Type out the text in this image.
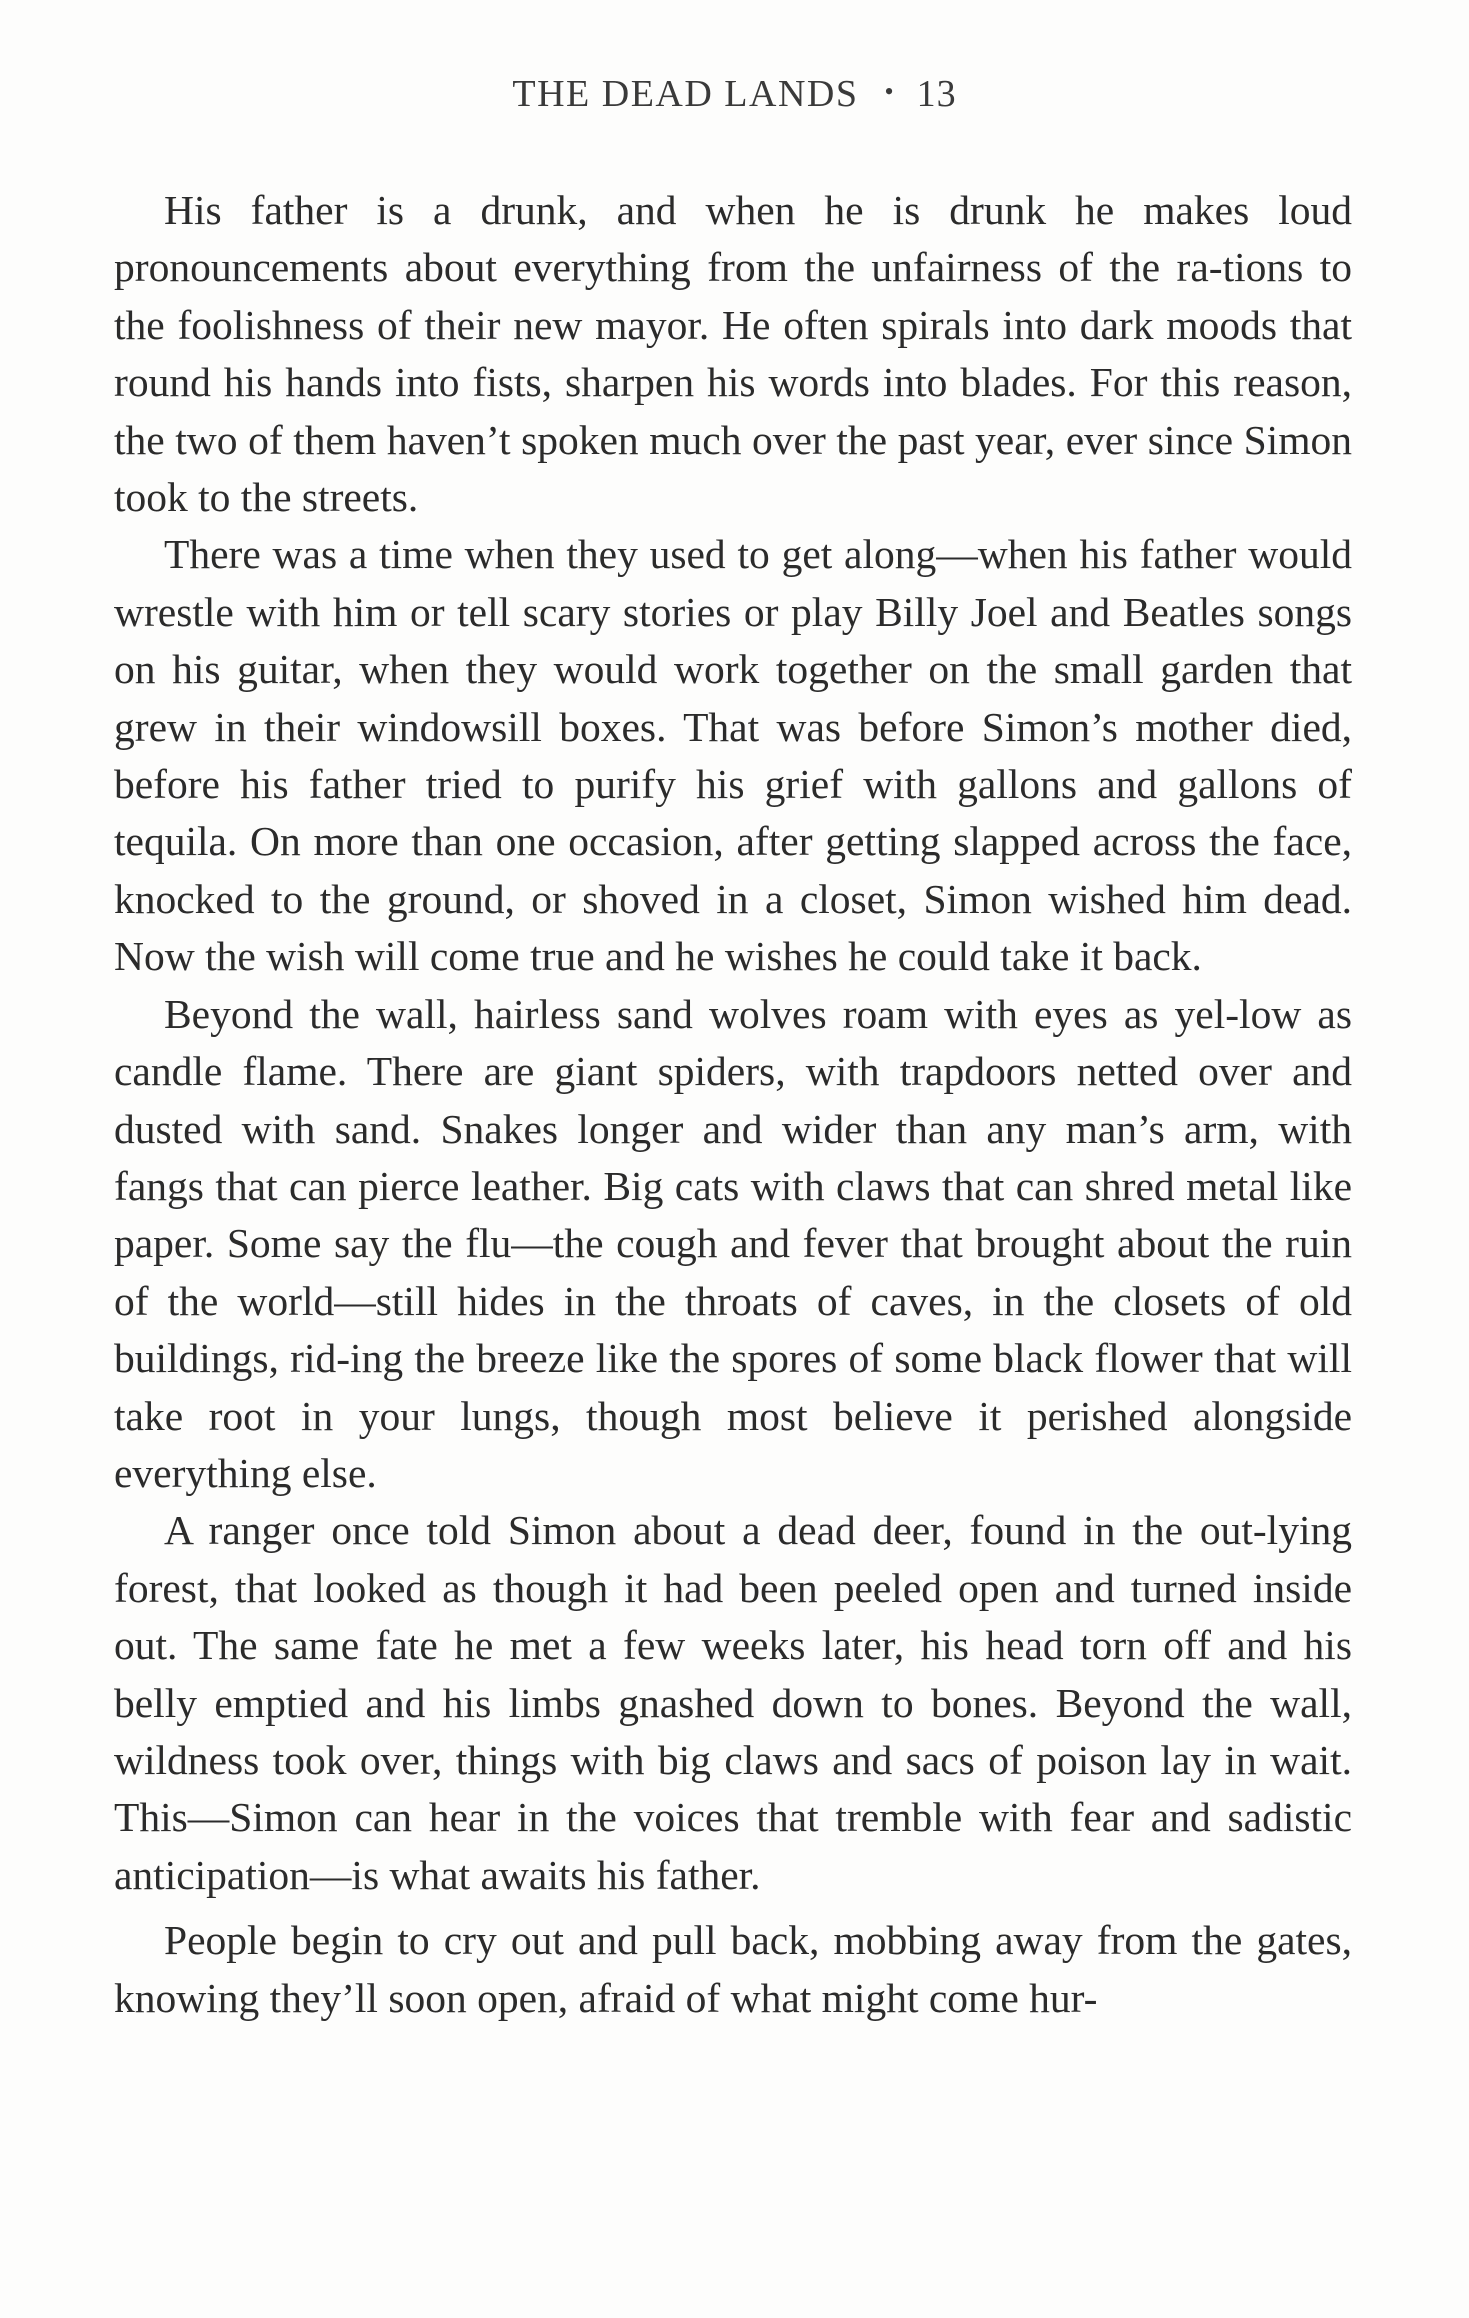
THE DEAD LANDS • 13

His father is a drunk, and when he is drunk he makes loud pronouncements about everything from the unfairness of the ra-tions to the foolishness of their new mayor. He often spirals into dark moods that round his hands into fists, sharpen his words into blades. For this reason, the two of them haven’t spoken much over the past year, ever since Simon took to the streets.

There was a time when they used to get along—when his father would wrestle with him or tell scary stories or play Billy Joel and Beatles songs on his guitar, when they would work together on the small garden that grew in their windowsill boxes. That was before Simon’s mother died, before his father tried to purify his grief with gallons and gallons of tequila. On more than one occasion, after getting slapped across the face, knocked to the ground, or shoved in a closet, Simon wished him dead. Now the wish will come true and he wishes he could take it back.

Beyond the wall, hairless sand wolves roam with eyes as yel-low as candle flame. There are giant spiders, with trapdoors netted over and dusted with sand. Snakes longer and wider than any man’s arm, with fangs that can pierce leather. Big cats with claws that can shred metal like paper. Some say the flu—the cough and fever that brought about the ruin of the world—still hides in the throats of caves, in the closets of old buildings, rid-ing the breeze like the spores of some black flower that will take root in your lungs, though most believe it perished alongside everything else.

A ranger once told Simon about a dead deer, found in the out-lying forest, that looked as though it had been peeled open and turned inside out. The same fate he met a few weeks later, his head torn off and his belly emptied and his limbs gnashed down to bones. Beyond the wall, wildness took over, things with big claws and sacs of poison lay in wait. This—Simon can hear in the voices that tremble with fear and sadistic anticipation—is what awaits his father.

People begin to cry out and pull back, mobbing away from the gates, knowing they’ll soon open, afraid of what might come hur-
